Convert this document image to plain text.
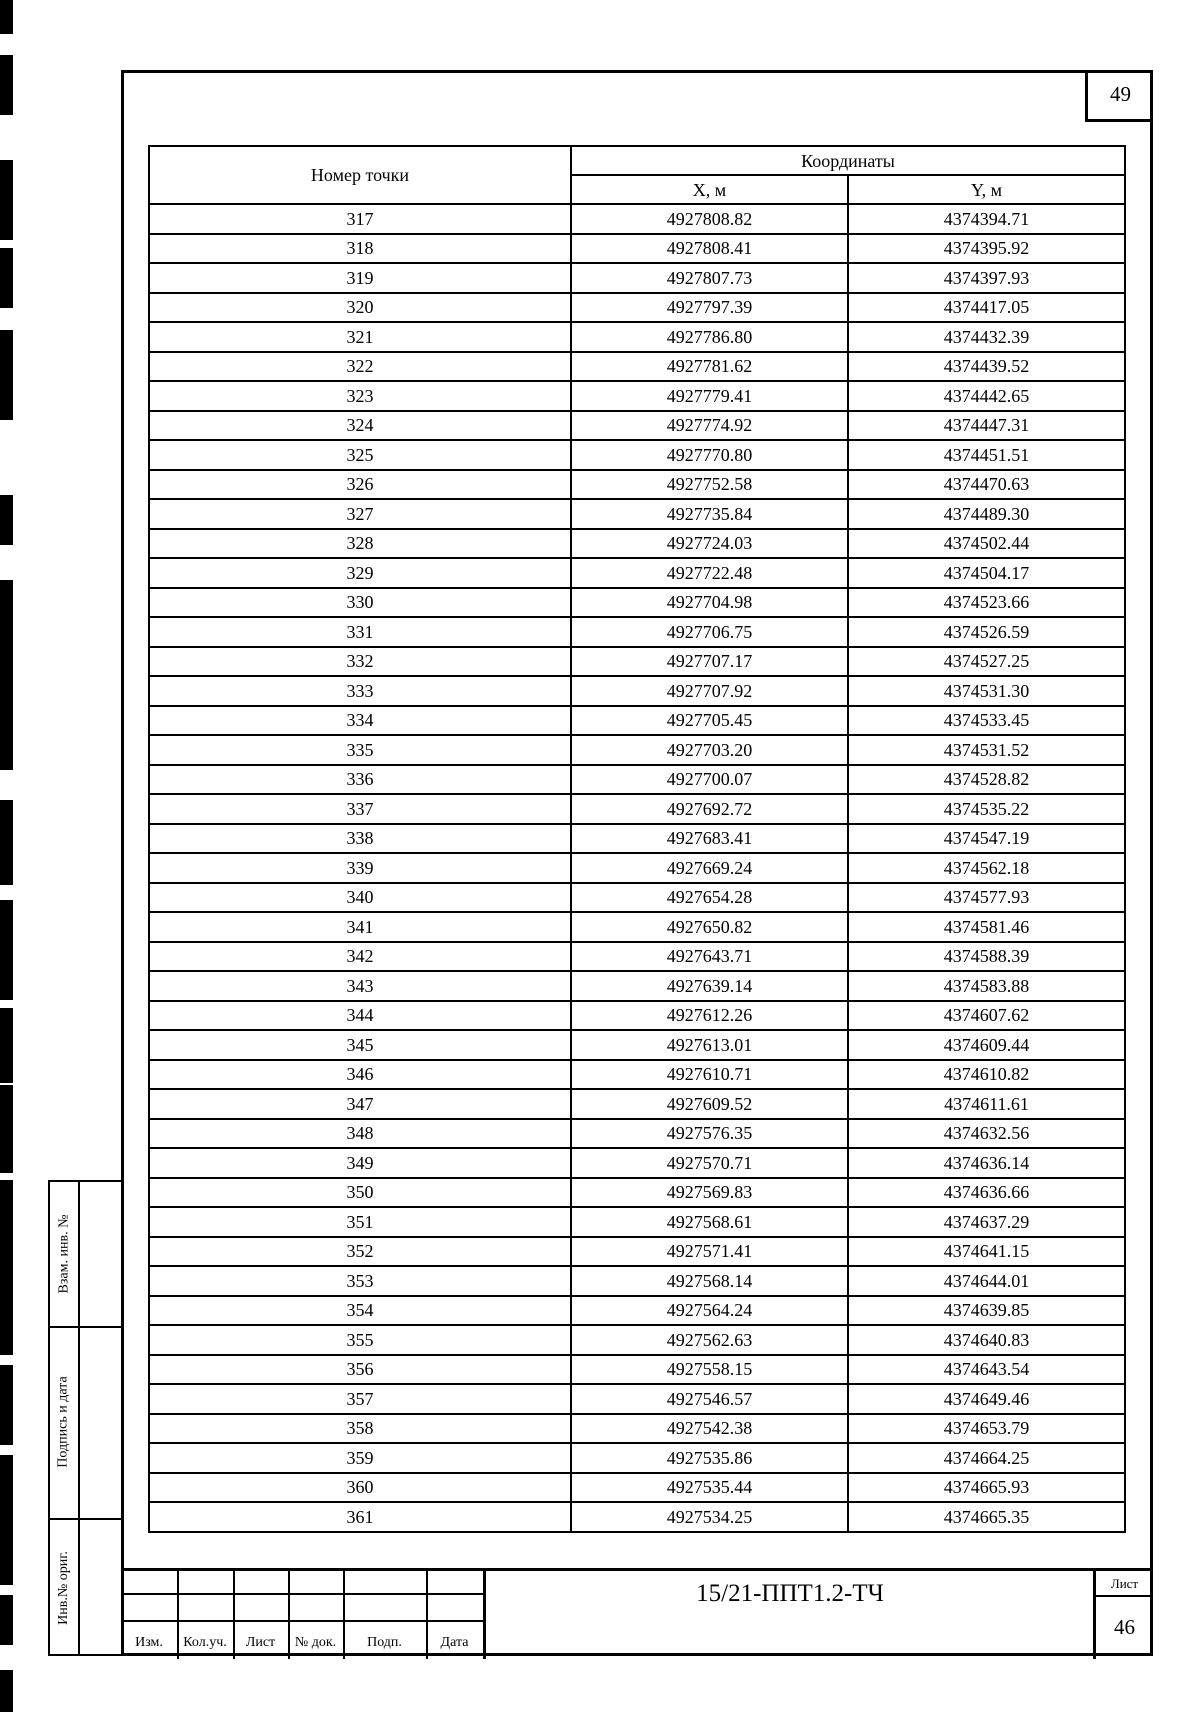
49
Номер точки	Координаты	
	X, м	Y, м
317	4927808.82	4374394.71
318	4927808.41	4374395.92
319	4927807.73	4374397.93
320	4927797.39	4374417.05
321	4927786.80	4374432.39
322	4927781.62	4374439.52
323	4927779.41	4374442.65
324	4927774.92	4374447.31
325	4927770.80	4374451.51
326	4927752.58	4374470.63
327	4927735.84	4374489.30
328	4927724.03	4374502.44
329	4927722.48	4374504.17
330	4927704.98	4374523.66
331	4927706.75	4374526.59
332	4927707.17	4374527.25
333	4927707.92	4374531.30
334	4927705.45	4374533.45
335	4927703.20	4374531.52
336	4927700.07	4374528.82
337	4927692.72	4374535.22
338	4927683.41	4374547.19
339	4927669.24	4374562.18
340	4927654.28	4374577.93
341	4927650.82	4374581.46
342	4927643.71	4374588.39
343	4927639.14	4374583.88
344	4927612.26	4374607.62
345	4927613.01	4374609.44
346	4927610.71	4374610.82
347	4927609.52	4374611.61
348	4927576.35	4374632.56
349	4927570.71	4374636.14
350	4927569.83	4374636.66
351	4927568.61	4374637.29
352	4927571.41	4374641.15
353	4927568.14	4374644.01
354	4927564.24	4374639.85
355	4927562.63	4374640.83
356	4927558.15	4374643.54
357	4927546.57	4374649.46
358	4927542.38	4374653.79
359	4927535.86	4374664.25
360	4927535.44	4374665.93
361	4927534.25	4374665.35
Взам. инв. №
Подпись и дата
Инв.№ ориг.
Изм.	Кол.уч.	Лист	№ док.	Подп.	Дата
Лист
46
15/21-ППТ1.2-ТЧ
